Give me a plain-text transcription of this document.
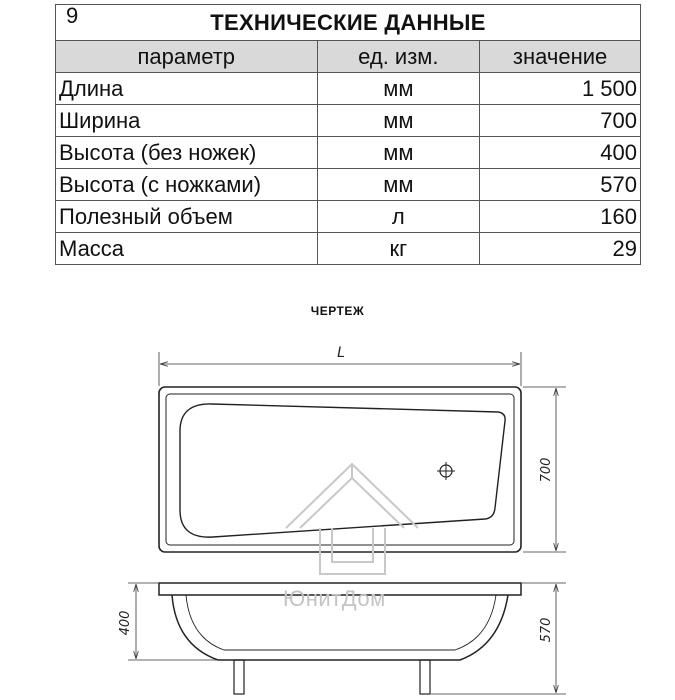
9 ТЕХНИЧЕСКИЕ ДАННЫЕ		

параметр	ед. изм.	значение
Длина	мм	1 500
Ширина	мм	700
Высота (без ножек)	мм	400
Высота (с ножками)	мм	570
Полезный объем	л	160
Масса	кг	29
ЧЕРТЕЖ
L
700
400	570
ЮнитДом
